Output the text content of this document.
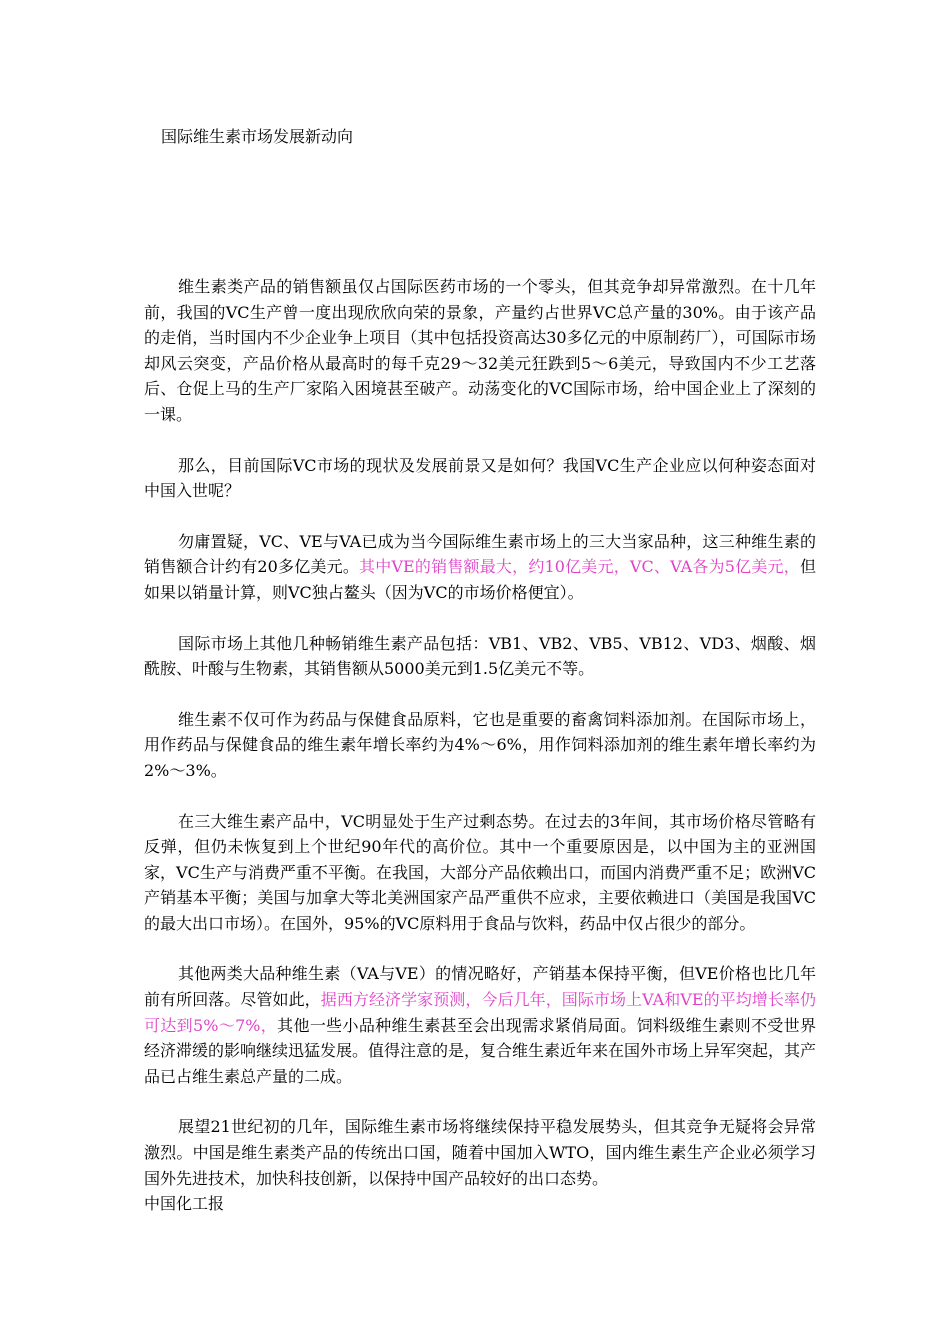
国际维生素市场发展新动向

维生素类产品的销售额虽仅占国际医药市场的一个零头，但其竞争却异常激烈。在十几年前，我国的VC生产曾一度出现欣欣向荣的景象，产量约占世界VC总产量的30%。由于该产品的走俏，当时国内不少企业争上项目（其中包括投资高达30多亿元的中原制药厂），可国际市场却风云突变，产品价格从最高时的每千克29～32美元狂跌到5～6美元，导致国内不少工艺落后、仓促上马的生产厂家陷入困境甚至破产。动荡变化的VC国际市场，给中国企业上了深刻的一课。

那么，目前国际VC市场的现状及发展前景又是如何？我国VC生产企业应以何种姿态面对中国入世呢？

勿庸置疑，VC、VE与VA已成为当今国际维生素市场上的三大当家品种，这三种维生素的销售额合计约有20多亿美元。其中VE的销售额最大，约10亿美元，VC、VA各为5亿美元，但如果以销量计算，则VC独占鳌头（因为VC的市场价格便宜）。

国际市场上其他几种畅销维生素产品包括：VB1、VB2、VB5、VB12、VD3、烟酸、烟酰胺、叶酸与生物素，其销售额从5000美元到1.5亿美元不等。

维生素不仅可作为药品与保健食品原料，它也是重要的畜禽饲料添加剂。在国际市场上，用作药品与保健食品的维生素年增长率约为4%～6%，用作饲料添加剂的维生素年增长率约为2%～3%。

在三大维生素产品中，VC明显处于生产过剩态势。在过去的3年间，其市场价格尽管略有反弹，但仍未恢复到上个世纪90年代的高价位。其中一个重要原因是，以中国为主的亚洲国家，VC生产与消费严重不平衡。在我国，大部分产品依赖出口，而国内消费严重不足；欧洲VC产销基本平衡；美国与加拿大等北美洲国家产品严重供不应求，主要依赖进口（美国是我国VC的最大出口市场）。在国外，95%的VC原料用于食品与饮料，药品中仅占很少的部分。

其他两类大品种维生素（VA与VE）的情况略好，产销基本保持平衡，但VE价格也比几年前有所回落。尽管如此，据西方经济学家预测，今后几年，国际市场上VA和VE的平均增长率仍可达到5%～7%，其他一些小品种维生素甚至会出现需求紧俏局面。饲料级维生素则不受世界经济滞缓的影响继续迅猛发展。值得注意的是，复合维生素近年来在国外市场上异军突起，其产品已占维生素总产量的二成。

展望21世纪初的几年，国际维生素市场将继续保持平稳发展势头，但其竞争无疑将会异常激烈。中国是维生素类产品的传统出口国，随着中国加入WTO，国内维生素生产企业必须学习国外先进技术，加快科技创新，以保持中国产品较好的出口态势。

中国化工报
